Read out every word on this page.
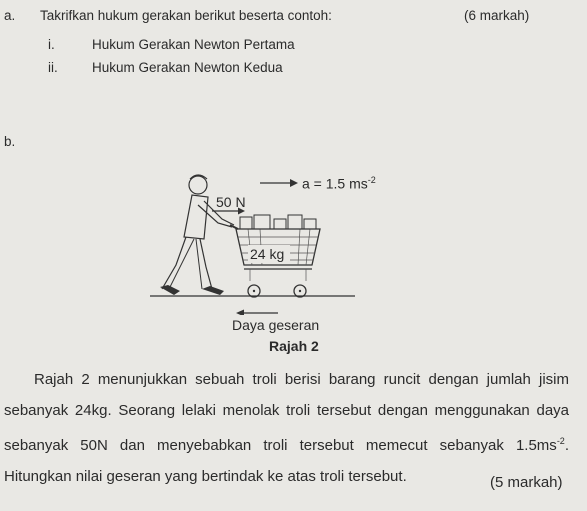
a. Takrifkan hukum gerakan berikut beserta contoh:	(6 markah)
i.	Hukum Gerakan Newton Pertama
ii.	Hukum Gerakan Newton Kedua
b.
50 N
a = 1.5 $ms^{-2}$
24 kg
Daya geseran
Rajah 2
Rajah 2 menunjukkan sebuah troli berisi barang runcit dengan jumlah jisim sebanyak 24kg. Seorang lelaki menolak troli tersebut dengan menggunakan daya sebanyak 50N dan menyebabkan troli tersebut memecut sebanyak $1.5ms^{-2}$. Hitungkan nilai geseran yang bertindak ke atas troli tersebut.	(5 markah)
